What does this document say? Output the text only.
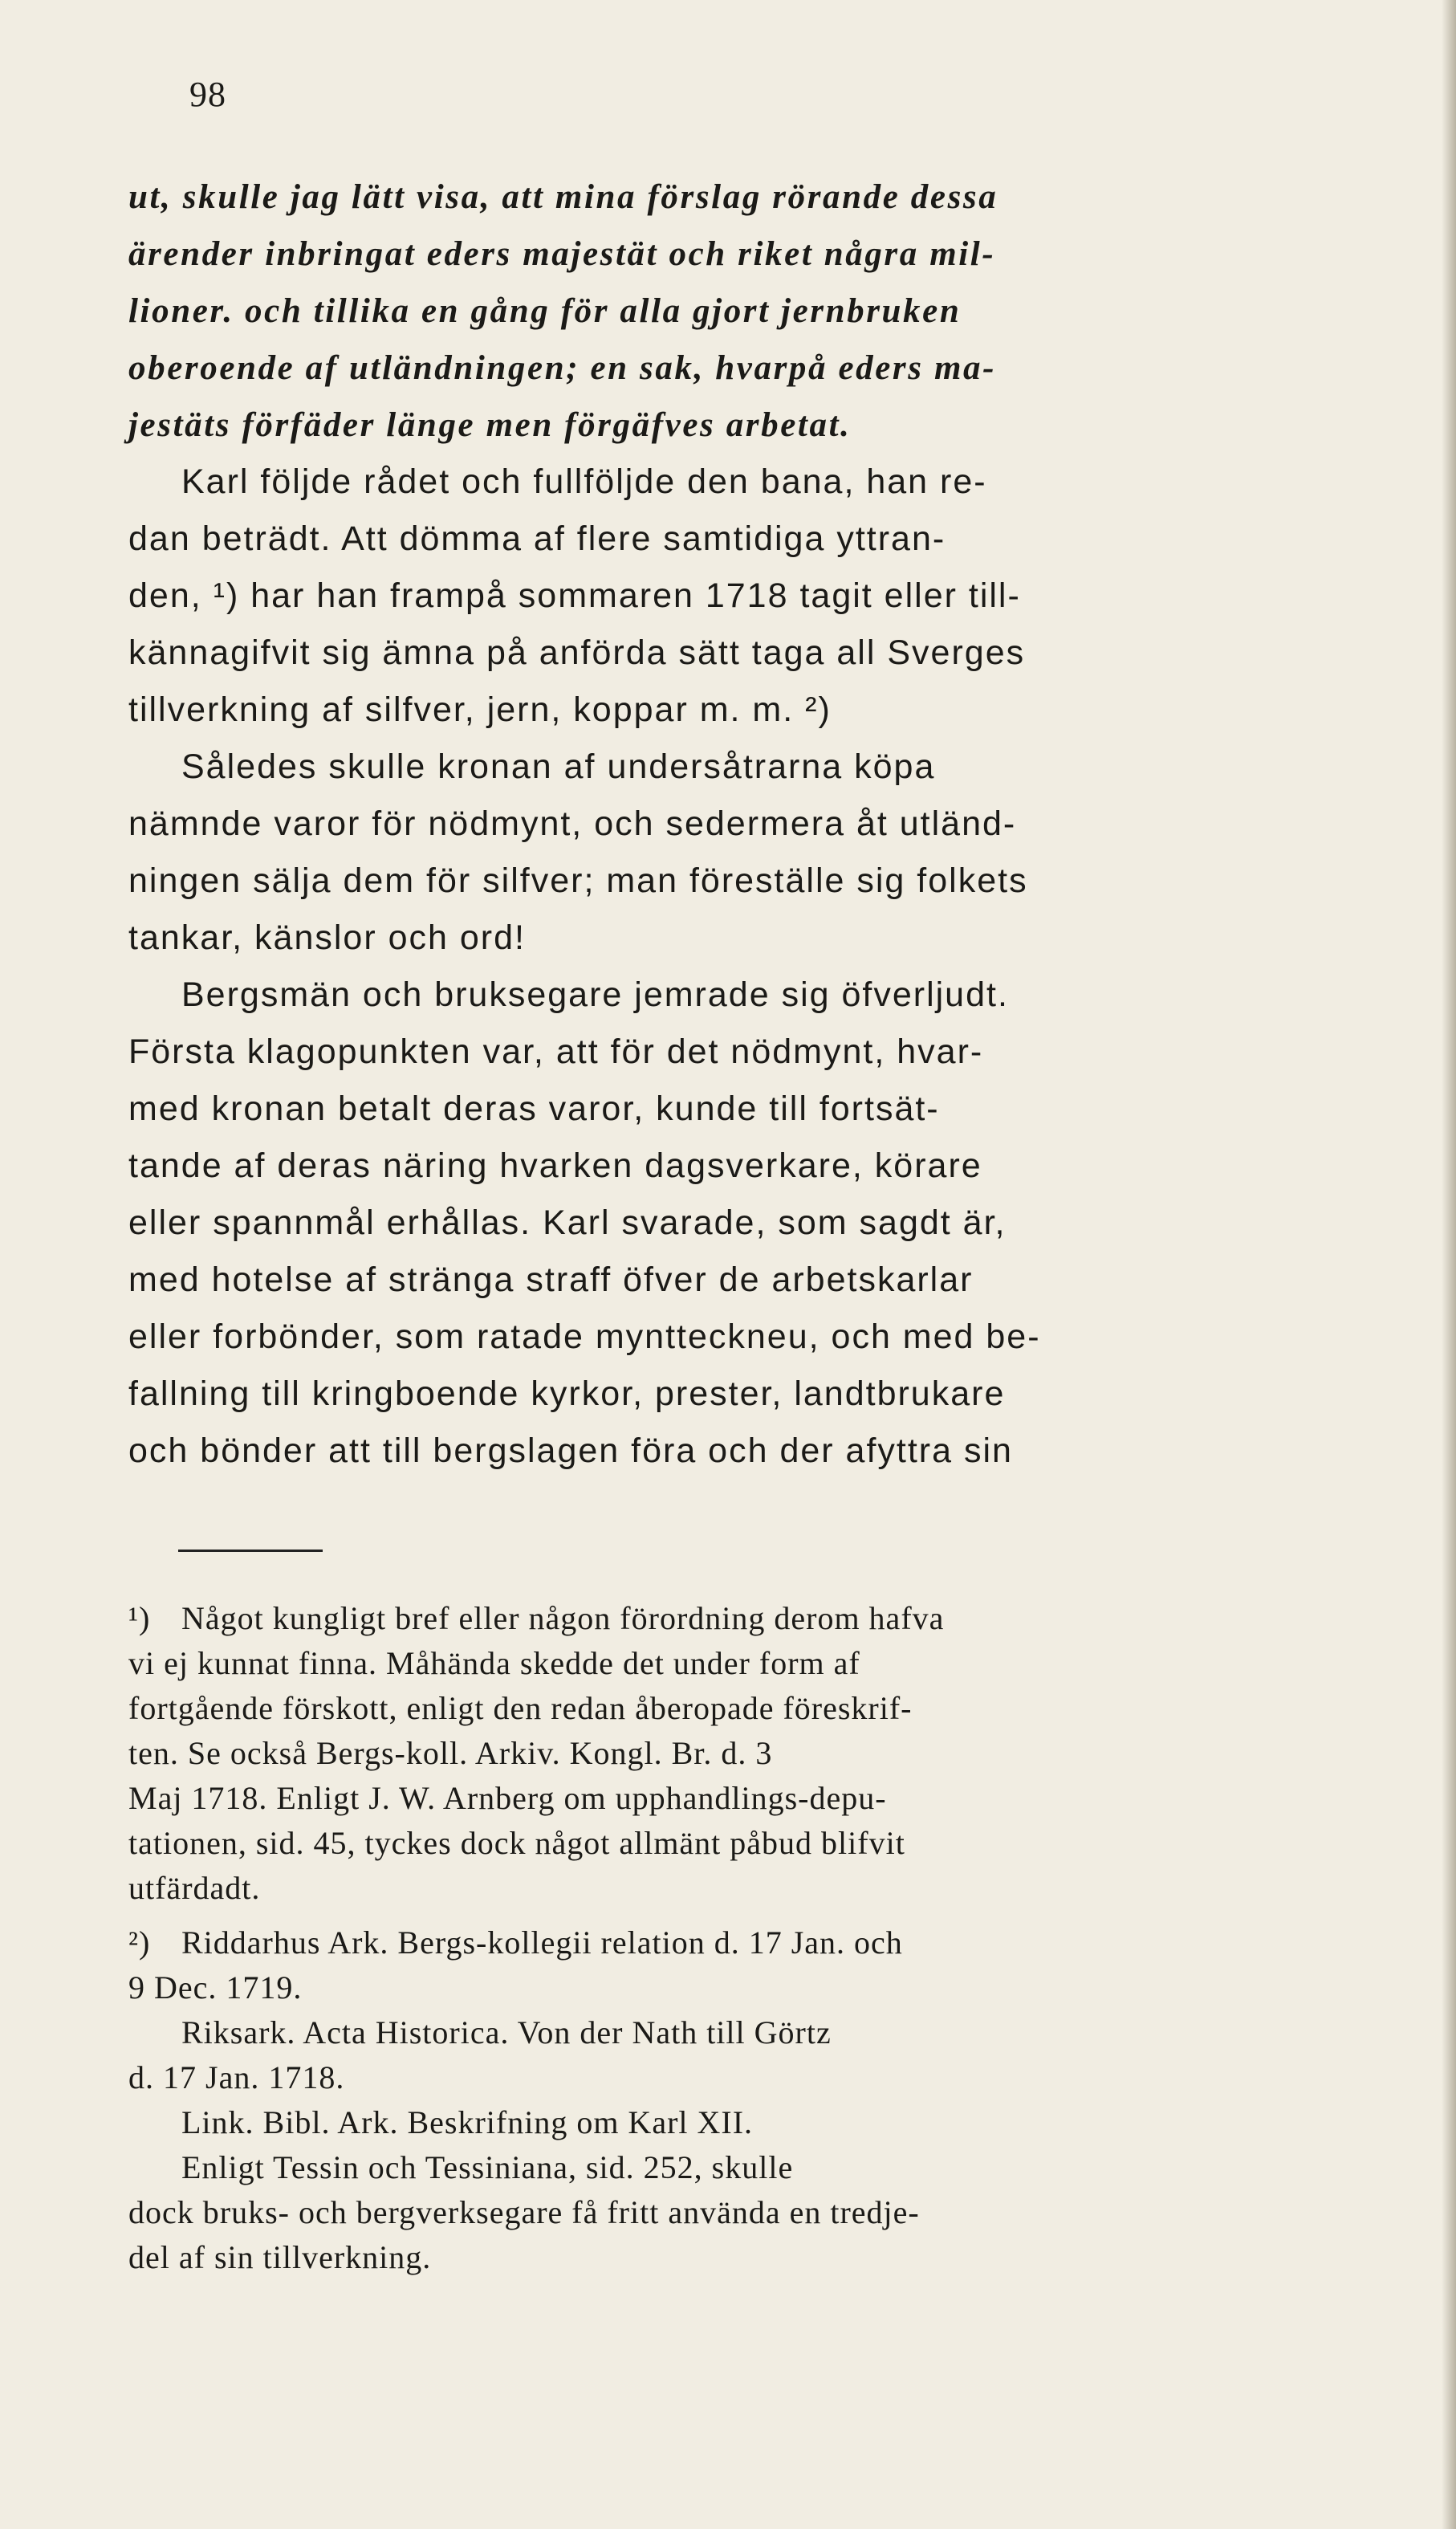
98
ut, skulle jag lätt visa, att mina förslag rörande dessa
ärender inbringat eders majestät och riket några mil-
lioner. och tillika en gång för alla gjort jernbruken
oberoende af utländningen; en sak, hvarpå eders ma-
jestäts förfäder länge men förgäfves arbetat.
Karl följde rådet och fullföljde den bana, han re-
dan beträdt. Att dömma af flere samtidiga yttran-
den, ¹) har han frampå sommaren 1718 tagit eller till-
kännagifvit sig ämna på anförda sätt taga all Sverges
tillverkning af silfver, jern, koppar m. m. ²)
Således skulle kronan af undersåtrarna köpa
nämnde varor för nödmynt, och sedermera åt utländ-
ningen sälja dem för silfver; man föreställe sig folkets
tankar, känslor och ord!
Bergsmän och bruksegare jemrade sig öfverljudt.
Första klagopunkten var, att för det nödmynt, hvar-
med kronan betalt deras varor, kunde till fortsät-
tande af deras näring hvarken dagsverkare, körare
eller spannmål erhållas. Karl svarade, som sagdt är,
med hotelse af stränga straff öfver de arbetskarlar
eller forbönder, som ratade myntteckneu, och med be-
fallning till kringboende kyrkor, prester, landtbrukare
och bönder att till bergslagen föra och der afyttra sin
¹) Något kungligt bref eller någon förordning derom hafva
vi ej kunnat finna. Måhända skedde det under form af
fortgående förskott, enligt den redan åberopade föreskrif-
ten. Se också Bergs-koll. Arkiv. Kongl. Br. d. 3
Maj 1718. Enligt J. W. Arnberg om upphandlings-depu-
tationen, sid. 45, tyckes dock något allmänt påbud blifvit
utfärdadt.
²) Riddarhus Ark. Bergs-kollegii relation d. 17 Jan. och
9 Dec. 1719.
Riksark. Acta Historica. Von der Nath till Görtz
d. 17 Jan. 1718.
Link. Bibl. Ark. Beskrifning om Karl XII.
Enligt Tessin och Tessiniana, sid. 252, skulle
dock bruks- och bergverksegare få fritt använda en tredje-
del af sin tillverkning.
